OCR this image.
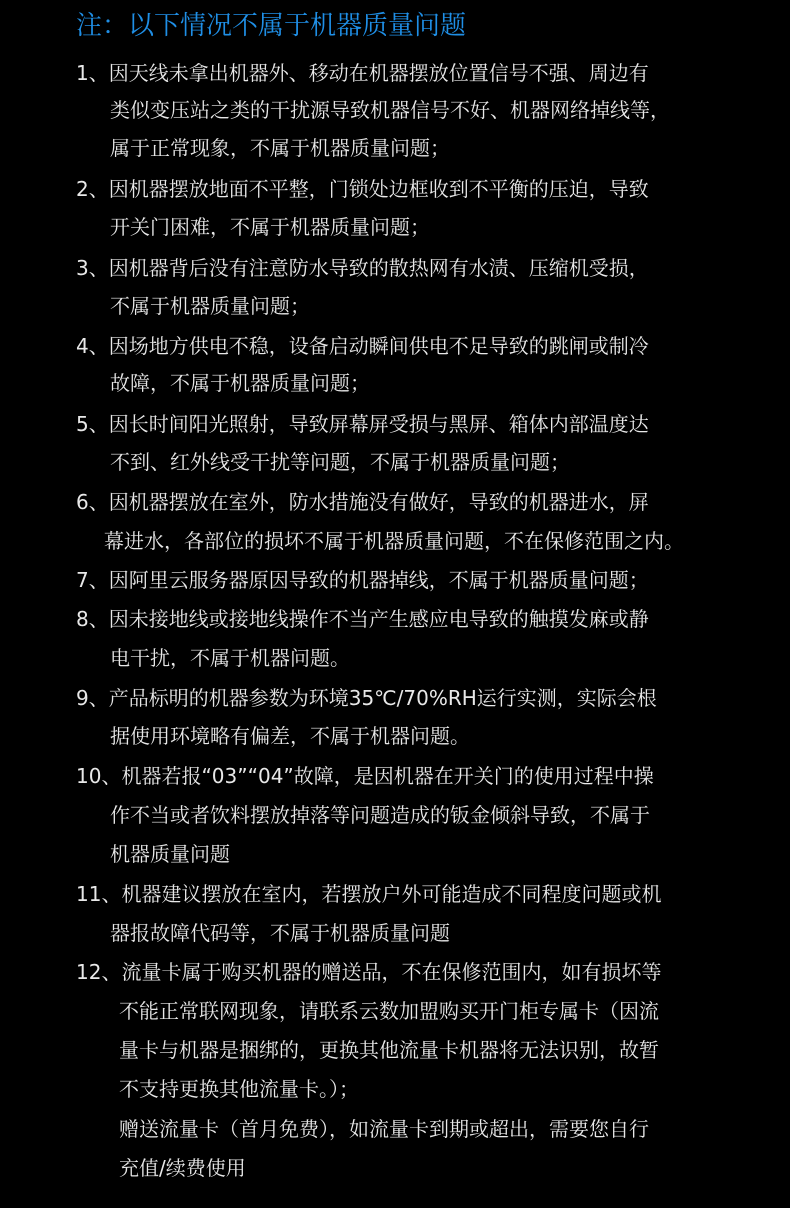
注：以下情况不属于机器质量问题
1、因天线未拿出机器外、移动在机器摆放位置信号不强、周边有
类似变压站之类的干扰源导致机器信号不好、机器网络掉线等，
属于正常现象，不属于机器质量问题；
2、因机器摆放地面不平整，门锁处边框收到不平衡的压迫，导致
开关门困难，不属于机器质量问题；
3、因机器背后没有注意防水导致的散热网有水渍、压缩机受损，
不属于机器质量问题；
4、因场地方供电不稳，设备启动瞬间供电不足导致的跳闸或制冷
故障，不属于机器质量问题；
5、因长时间阳光照射，导致屏幕屏受损与黑屏、箱体内部温度达
不到、红外线受干扰等问题，不属于机器质量问题；
6、因机器摆放在室外，防水措施没有做好，导致的机器进水，屏
幕进水，各部位的损坏不属于机器质量问题，不在保修范围之内。
7、因阿里云服务器原因导致的机器掉线，不属于机器质量问题；
8、因未接地线或接地线操作不当产生感应电导致的触摸发麻或静
电干扰，不属于机器问题。
9、产品标明的机器参数为环境35℃/70%RH运行实测，实际会根
据使用环境略有偏差，不属于机器问题。
10、机器若报“03”“04”故障，是因机器在开关门的使用过程中操
作不当或者饮料摆放掉落等问题造成的钣金倾斜导致，不属于
机器质量问题
11、机器建议摆放在室内，若摆放户外可能造成不同程度问题或机
器报故障代码等，不属于机器质量问题
12、流量卡属于购买机器的赠送品，不在保修范围内，如有损坏等
不能正常联网现象，请联系云数加盟购买开门柜专属卡（因流
量卡与机器是捆绑的，更换其他流量卡机器将无法识别，故暂
不支持更换其他流量卡。）；
赠送流量卡（首月免费），如流量卡到期或超出，需要您自行
充值/续费使用
